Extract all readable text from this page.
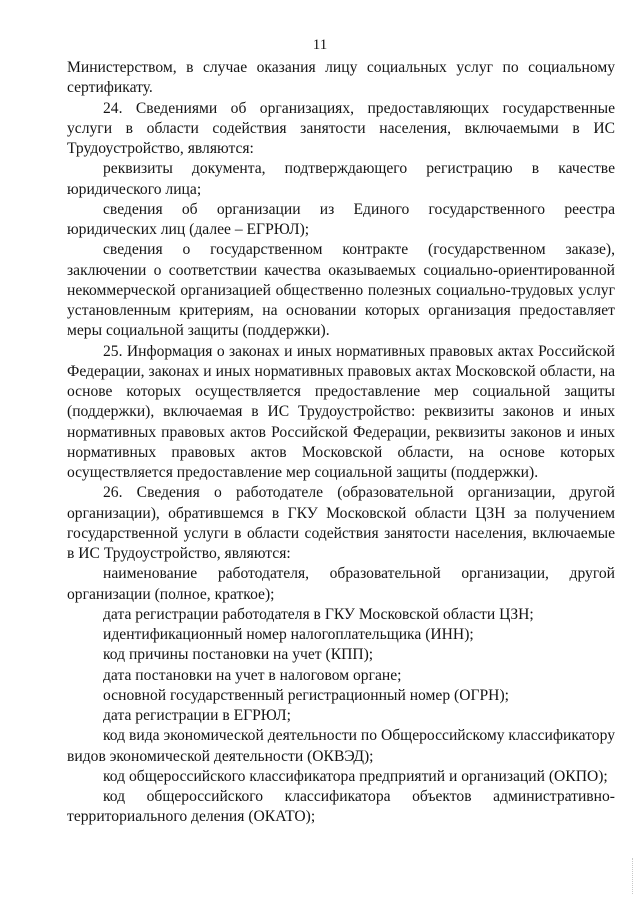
11

Министерством, в случае оказания лицу социальных услуг по социальному сертификату.

24. Сведениями об организациях, предоставляющих государственные услуги в области содействия занятости населения, включаемыми в ИС Трудоустройство, являются:

реквизиты документа, подтверждающего регистрацию в качестве юридического лица;

сведения об организации из Единого государственного реестра юридических лиц (далее – ЕГРЮЛ);

сведения о государственном контракте (государственном заказе), заключении о соответствии качества оказываемых социально-ориентированной некоммерческой организацией общественно полезных социально-трудовых услуг установленным критериям, на основании которых организация предоставляет меры социальной защиты (поддержки).

25. Информация о законах и иных нормативных правовых актах Российской Федерации, законах и иных нормативных правовых актах Московской области, на основе которых осуществляется предоставление мер социальной защиты (поддержки), включаемая в ИС Трудоустройство: реквизиты законов и иных нормативных правовых актов Российской Федерации, реквизиты законов и иных нормативных правовых актов Московской области, на основе которых осуществляется предоставление мер социальной защиты (поддержки).

26. Сведения о работодателе (образовательной организации, другой организации), обратившемся в ГКУ Московской области ЦЗН за получением государственной услуги в области содействия занятости населения, включаемые в ИС Трудоустройство, являются:

наименование работодателя, образовательной организации, другой организации (полное, краткое);

дата регистрации работодателя в ГКУ Московской области ЦЗН;

идентификационный номер налогоплательщика (ИНН);

код причины постановки на учет (КПП);

дата постановки на учет в налоговом органе;

основной государственный регистрационный номер (ОГРН);

дата регистрации в ЕГРЮЛ;

код вида экономической деятельности по Общероссийскому классификатору видов экономической деятельности (ОКВЭД);

код общероссийского классификатора предприятий и организаций (ОКПО);

код общероссийского классификатора объектов административно-территориального деления (ОКАТО);
